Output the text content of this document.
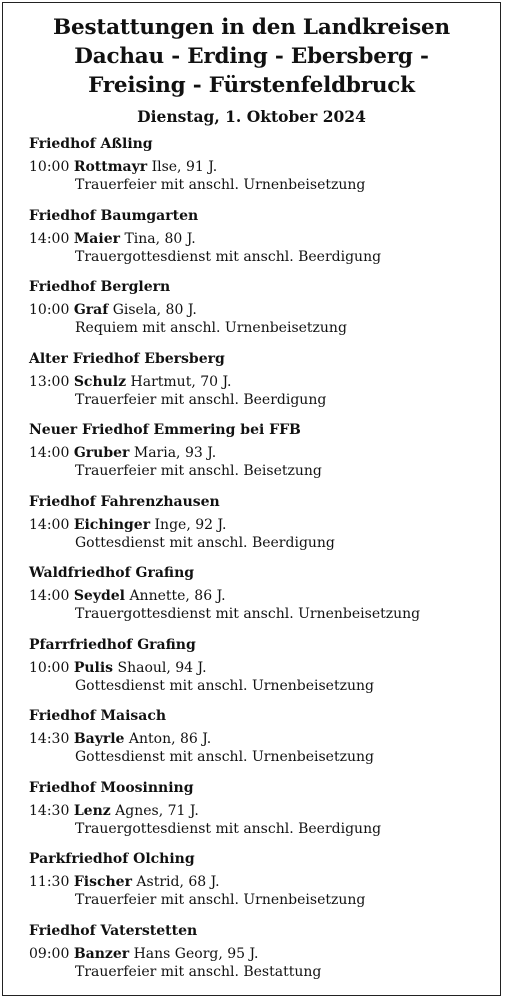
Bestattungen in den Landkreisen
Dachau - Erding - Ebersberg -
Freising - Fürstenfeldbruck
Dienstag, 1. Oktober 2024
Friedhof Aßling
10:00 Rottmayr Ilse, 91 J.
Trauerfeier mit anschl. Urnenbeisetzung
Friedhof Baumgarten
14:00 Maier Tina, 80 J.
Trauergottesdienst mit anschl. Beerdigung
Friedhof Berglern
10:00 Graf Gisela, 80 J.
Requiem mit anschl. Urnenbeisetzung
Alter Friedhof Ebersberg
13:00 Schulz Hartmut, 70 J.
Trauerfeier mit anschl. Beerdigung
Neuer Friedhof Emmering bei FFB
14:00 Gruber Maria, 93 J.
Trauerfeier mit anschl. Beisetzung
Friedhof Fahrenzhausen
14:00 Eichinger Inge, 92 J.
Gottesdienst mit anschl. Beerdigung
Waldfriedhof Grafing
14:00 Seydel Annette, 86 J.
Trauergottesdienst mit anschl. Urnenbeisetzung
Pfarrfriedhof Grafing
10:00 Pulis Shaoul, 94 J.
Gottesdienst mit anschl. Urnenbeisetzung
Friedhof Maisach
14:30 Bayrle Anton, 86 J.
Gottesdienst mit anschl. Urnenbeisetzung
Friedhof Moosinning
14:30 Lenz Agnes, 71 J.
Trauergottesdienst mit anschl. Beerdigung
Parkfriedhof Olching
11:30 Fischer Astrid, 68 J.
Trauerfeier mit anschl. Urnenbeisetzung
Friedhof Vaterstetten
09:00 Banzer Hans Georg, 95 J.
Trauerfeier mit anschl. Bestattung
